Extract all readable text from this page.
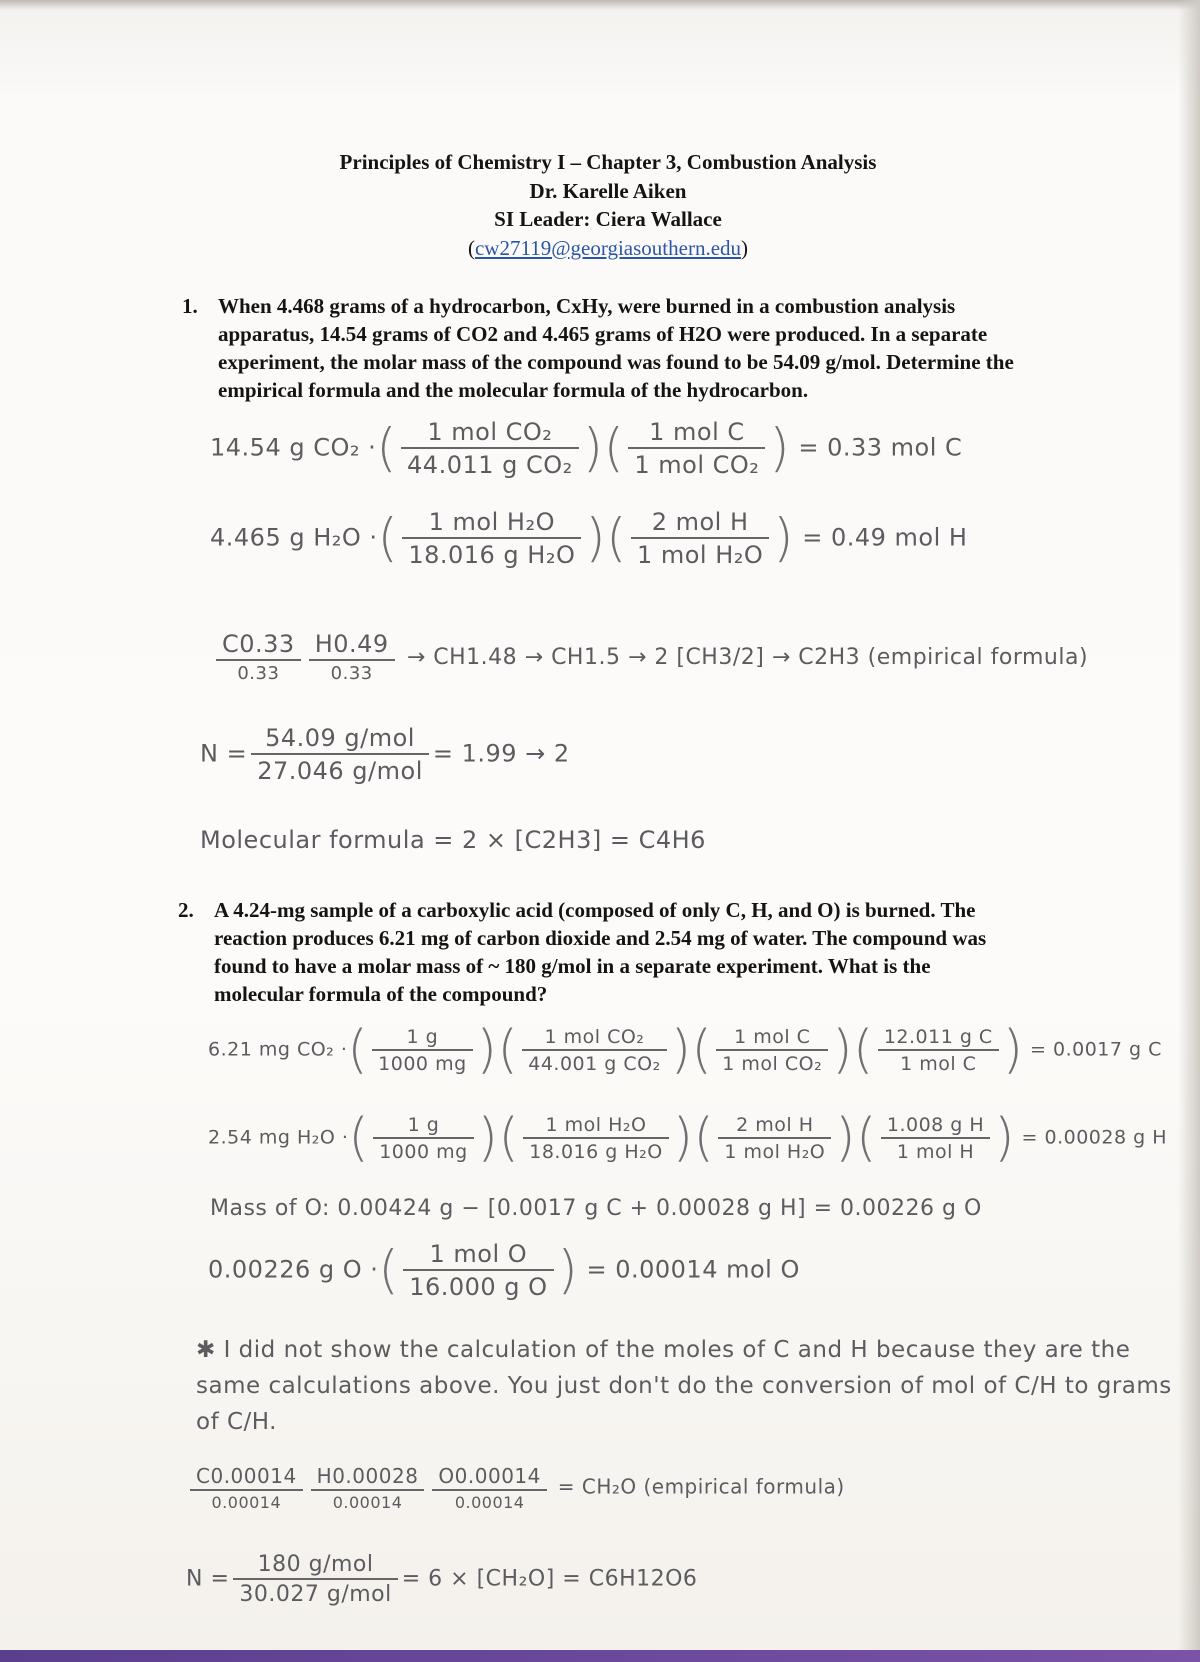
Principles of Chemistry I – Chapter 3, Combustion Analysis
Dr. Karelle Aiken
SI Leader: Ciera Wallace
(cw27119@georgiasouthern.edu)
1. When 4.468 grams of a hydrocarbon, CxHy, were burned in a combustion analysis
apparatus, 14.54 grams of CO2 and 4.465 grams of H2O were produced. In a separate
experiment, the molar mass of the compound was found to be 54.09 g/mol. Determine the
empirical formula and the molecular formula of the hydrocarbon.
14.54 g CO₂ ·( $\frac{\text{1 mol CO₂}}{\text{44.011 g CO₂}}$ )( $\frac{\text{1 mol C}}{\text{1 mol CO₂}}$ ) = 0.33 mol C
4.465 g H₂O ·( $\frac{\text{1 mol H₂O}}{\text{18.016 g H₂O}}$ )( $\frac{\text{2 mol H}}{\text{1 mol H₂O}}$ ) = 0.49 mol H
$\frac{C0.33}{0.33} \frac{H0.49}{0.33} \to CH1.48 \to CH1.5 \to 2$ [CH3/2] → C2H3 (empirical formula)
$N = \frac{\text{54.09 g/mol}}{\text{27.046 g/mol}} = 1.99 \to 2$
Molecular formula = 2 × [C2H3] = C4H6
2. A 4.24-mg sample of a carboxylic acid (composed of only C, H, and O) is burned. The
reaction produces 6.21 mg of carbon dioxide and 2.54 mg of water. The compound was
found to have a molar mass of ~ 180 g/mol in a separate experiment. What is the
molecular formula of the compound?
6.21 mg CO₂ ·( $\frac{1 g}{1000 mg}$ )( $\frac{\text{1 mol CO₂}}{\text{44.001 g CO₂}}$ )( $\frac{\text{1 mol C}}{\text{1 mol CO₂}}$ )( $\frac{\text{12.011 g C}}{\text{1 mol C}}$ ) = 0.0017 g C
2.54 mg H₂O ·( $\frac{1 g}{1000 mg}$ )( $\frac{\text{1 mol H₂O}}{\text{18.016 g H₂O}}$ )( $\frac{\text{2 mol H}}{\text{1 mol H₂O}}$ )( $\frac{\text{1.008 g H}}{\text{1 mol H}}$ ) = 0.00028 g H
Mass of O: 0.00424 g − [0.0017 g C + 0.00028 g H] = 0.00226 g O
0.00226 g O ·( $\frac{\text{1 mol O}}{\text{16.000 g O}}$ ) = 0.00014 mol O
✱ I did not show the calculation of the moles of C and H because they are the
same calculations above. You just don't do the conversion of mol of C/H to grams
of C/H.
$\frac{C0.00014}{0.00014} \frac{H0.00028}{0.00014} \frac{O0.00014}{0.00014} = CH_2O$ (empirical formula)
$N = \frac{\text{180 g/mol}}{\text{30.027 g/mol}} = 6 \times [CH_2O] = C6H12O6$
